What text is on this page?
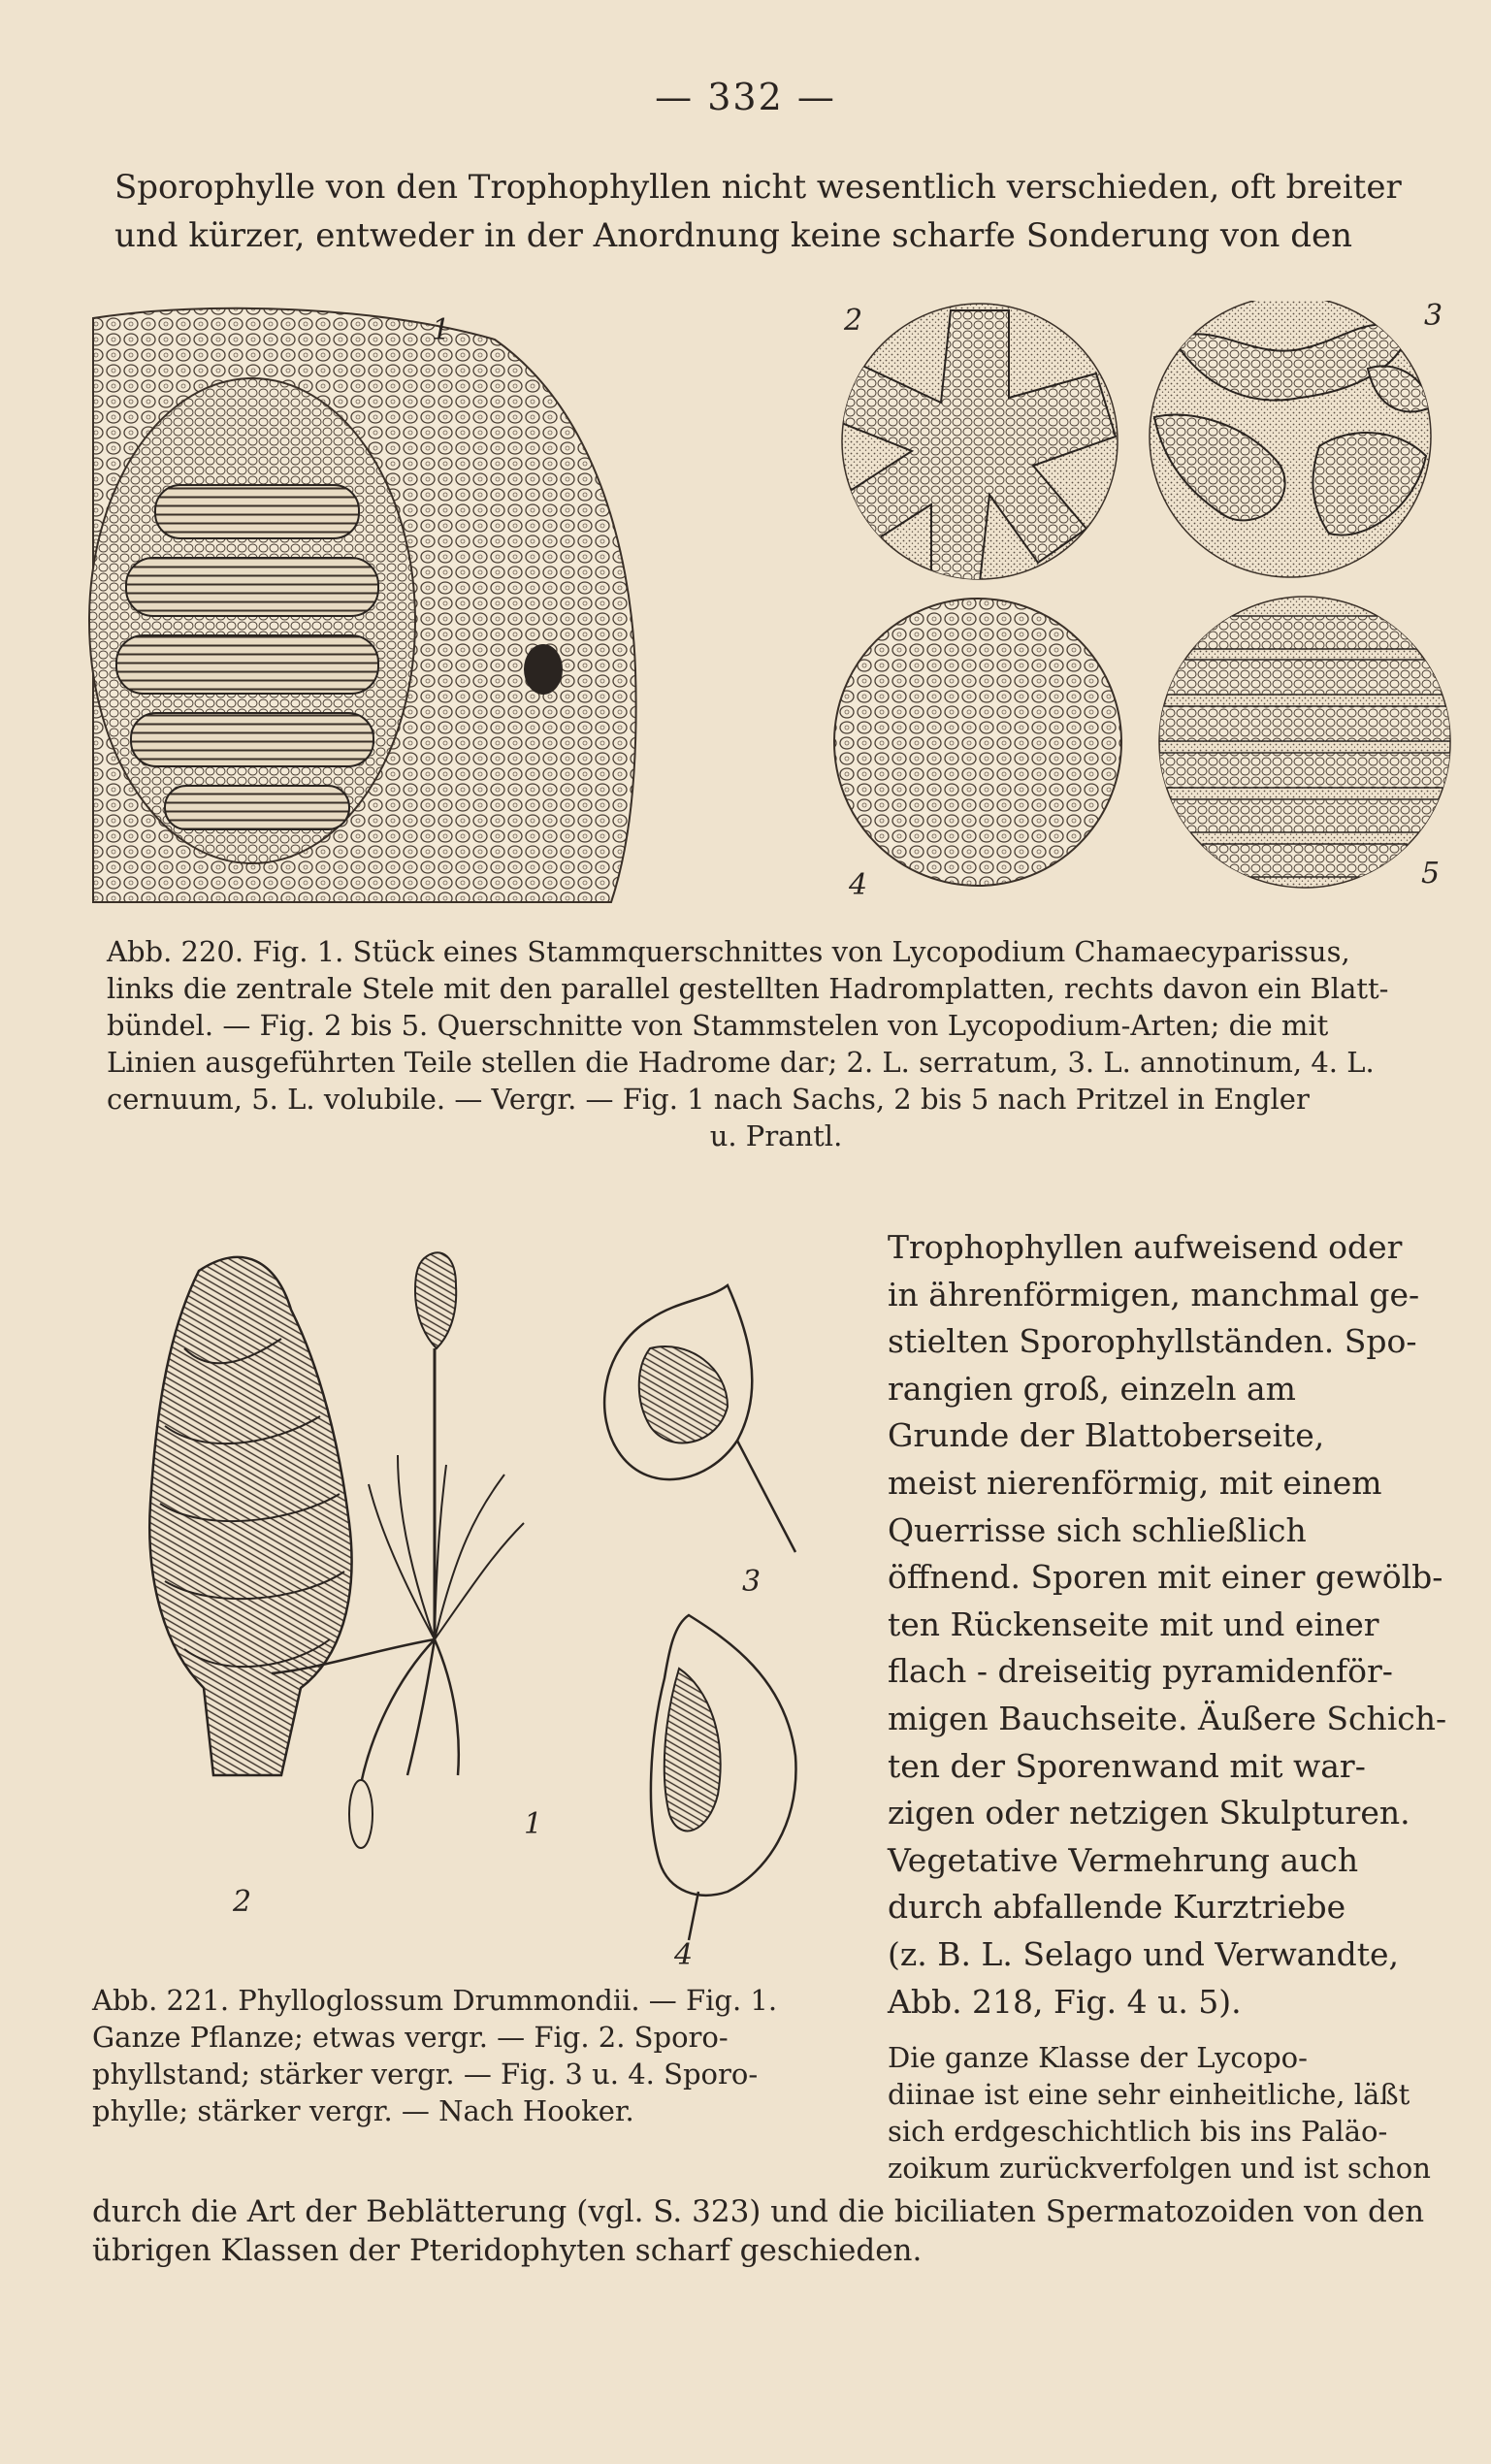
— 332 —
Sporophylle von den Trophophyllen nicht wesentlich verschieden, oft breiter
und kürzer, entweder in der Anordnung keine scharfe Sonderung von den
1	2	3
4	5
Abb. 220. Fig. 1. Stück eines Stammquerschnittes von Lycopodium Chamaecyparissus,
links die zentrale Stele mit den parallel gestellten Hadromplatten, rechts davon ein Blatt-
bündel. — Fig. 2 bis 5. Querschnitte von Stammstelen von Lycopodium-Arten; die mit
Linien ausgeführten Teile stellen die Hadrome dar; 2. L. serratum, 3. L. annotinum, 4. L.
cernuum, 5. L. volubile. — Vergr. — Fig. 1 nach Sachs, 2 bis 5 nach Pritzel in Engler
u. Prantl.
2
1
3
4
Trophophyllen aufweisend oder
in ährenförmigen, manchmal ge-
stielten Sporophyllständen. Spo-
rangien groß, einzeln am
Grunde der Blattoberseite,
meist nierenförmig, mit einem
Querrisse sich schließlich
öffnend. Sporen mit einer gewölb-
ten Rückenseite mit und einer
flach - dreiseitig pyramidenför-
migen Bauchseite. Äußere Schich-
ten der Sporenwand mit war-
zigen oder netzigen Skulpturen.
Vegetative Vermehrung auch
durch abfallende Kurztriebe
(z. B. L. Selago und Verwandte,
Abb. 218, Fig. 4 u. 5).
Abb. 221. Phylloglossum Drummondii. — Fig. 1.
Ganze Pflanze; etwas vergr. — Fig. 2. Sporo-
phyllstand; stärker vergr. — Fig. 3 u. 4. Sporo-
phylle; stärker vergr. — Nach Hooker.
Die ganze Klasse der Lycopo-
diinae ist eine sehr einheitliche, läßt
sich erdgeschichtlich bis ins Paläo-
zoikum zurückverfolgen und ist schon
durch die Art der Beblätterung (vgl. S. 323) und die biciliaten Spermatozoiden von den
übrigen Klassen der Pteridophyten scharf geschieden.
